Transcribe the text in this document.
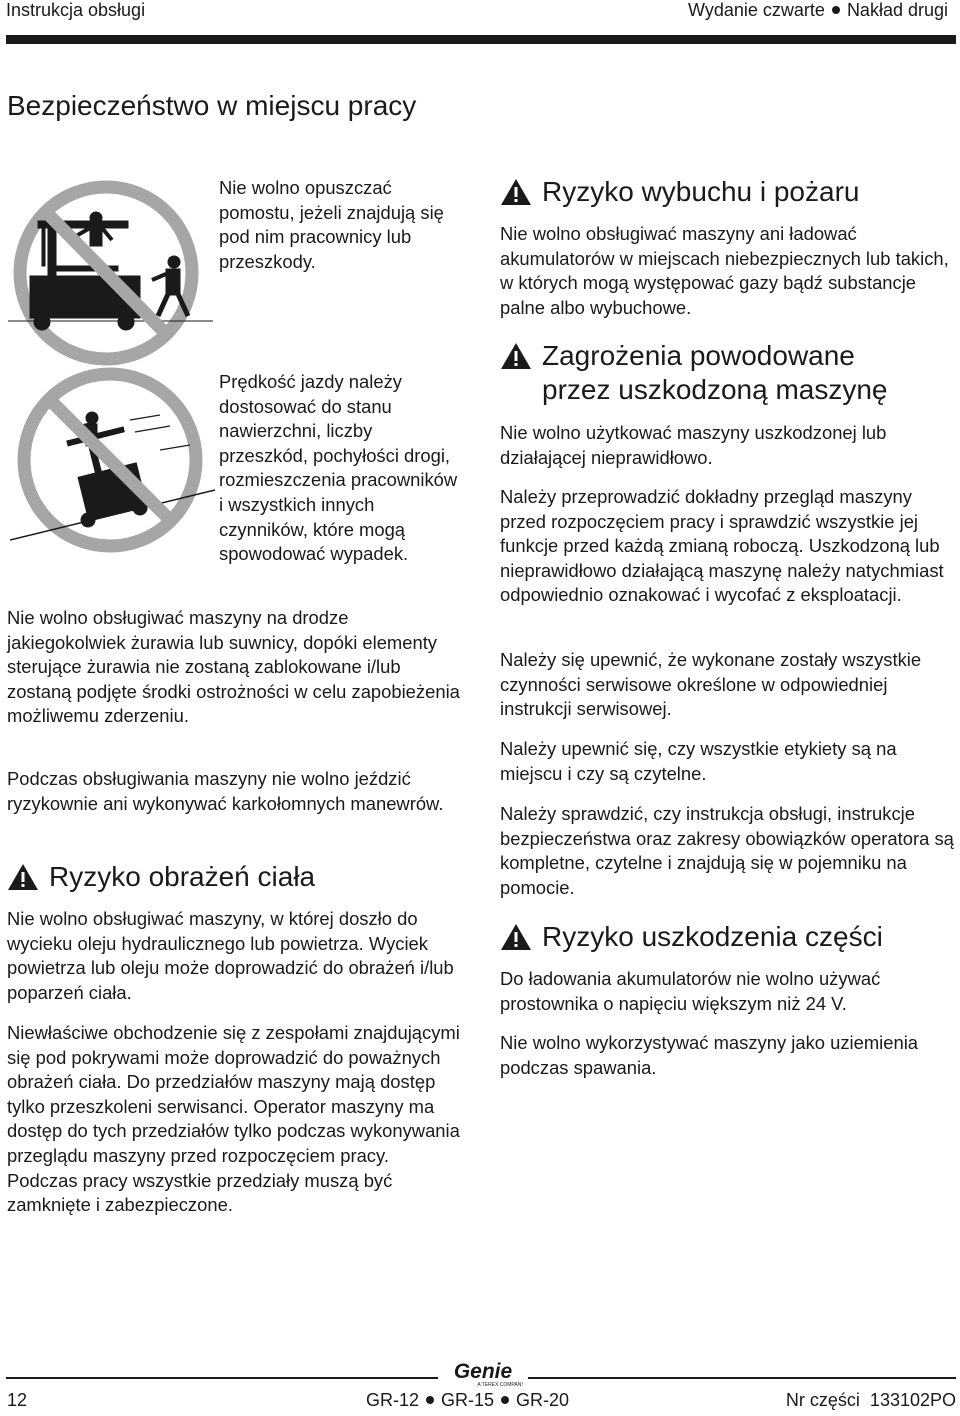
Instrukcja obsługi	Wydanie czwarte Nakład drugi
Bezpieczeństwo w miejscu pracy

Nie wolno opuszczać pomostu, jeżeli znajdują się pod nim pracownicy lub przeszkody.

Prędkość jazdy należy dostosować do stanu nawierzchni, liczby przeszkód, pochyłości drogi, rozmieszczenia pracowników i wszystkich innych czynników, które mogą spowodować wypadek.

Nie wolno obsługiwać maszyny na drodze jakiegokolwiek żurawia lub suwnicy, dopóki elementy sterujące żurawia nie zostaną zablokowane i/lub zostaną podjęte środki ostrożności w celu zapobieżenia możliwemu zderzeniu.

Podczas obsługiwania maszyny nie wolno jeździć ryzykownie ani wykonywać karkołomnych manewrów.

Ryzyko obrażeń ciała

Nie wolno obsługiwać maszyny, w której doszło do wycieku oleju hydraulicznego lub powietrza. Wyciek powietrza lub oleju może doprowadzić do obrażeń i/lub poparzeń ciała.

Niewłaściwe obchodzenie się z zespołami znajdującymi się pod pokrywami może doprowadzić do poważnych obrażeń ciała. Do przedziałów maszyny mają dostęp tylko przeszkoleni serwisanci. Operator maszyny ma dostęp do tych przedziałów tylko podczas wykonywania przeglądu maszyny przed rozpoczęciem pracy. Podczas pracy wszystkie przedziały muszą być zamknięte i zabezpieczone.

Ryzyko wybuchu i pożaru

Nie wolno obsługiwać maszyny ani ładować akumulatorów w miejscach niebezpiecznych lub takich, w których mogą występować gazy bądź substancje palne albo wybuchowe.

Zagrożenia powodowane przez uszkodzoną maszynę

Nie wolno użytkować maszyny uszkodzonej lub działającej nieprawidłowo.

Należy przeprowadzić dokładny przegląd maszyny przed rozpoczęciem pracy i sprawdzić wszystkie jej funkcje przed każdą zmianą roboczą. Uszkodzoną lub nieprawidłowo działającą maszynę należy natychmiast odpowiednio oznakować i wycofać z eksploatacji.

Należy się upewnić, że wykonane zostały wszystkie czynności serwisowe określone w odpowiedniej instrukcji serwisowej.

Należy upewnić się, czy wszystkie etykiety są na miejscu i czy są czytelne.

Należy sprawdzić, czy instrukcja obsługi, instrukcje bezpieczeństwa oraz zakresy obowiązków operatora są kompletne, czytelne i znajdują się w pojemniku na pomocie.

Ryzyko uszkodzenia części

Do ładowania akumulatorów nie wolno używać prostownika o napięciu większym niż 24 V.

Nie wolno wykorzystywać maszyny jako uziemienia podczas spawania.

Genie
A TEREX COMPANY
12	GR-12 GR-15 GR-20	Nr części  133102PO
